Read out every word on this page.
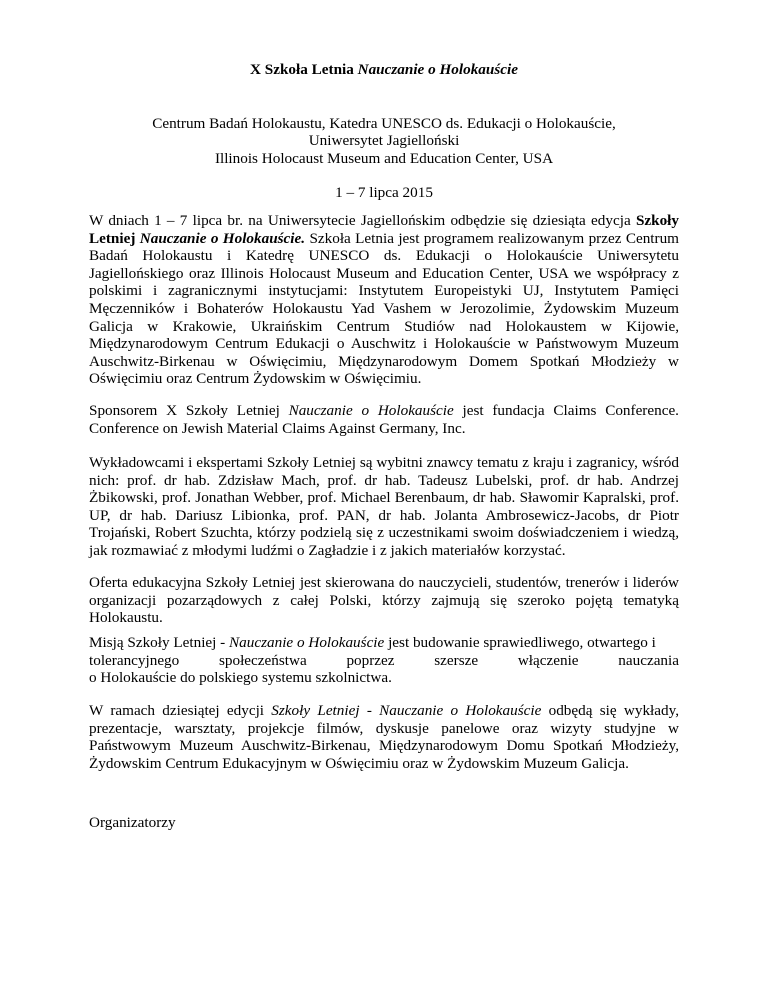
X Szkoła Letnia Nauczanie o Holokauście
Centrum Badań Holokaustu, Katedra UNESCO ds. Edukacji o Holokauście,
Uniwersytet Jagielloński
Illinois Holocaust Museum and Education Center, USA
1 – 7 lipca 2015
W dniach 1 – 7 lipca br. na Uniwersytecie Jagiellońskim odbędzie się dziesiąta edycja Szkoły Letniej Nauczanie o Holokauście. Szkoła Letnia jest programem realizowanym przez Centrum Badań Holokaustu i Katedrę UNESCO ds. Edukacji o Holokauście Uniwersytetu Jagiellońskiego oraz Illinois Holocaust Museum and Education Center, USA we współpracy z polskimi i zagranicznymi instytucjami: Instytutem Europeistyki UJ, Instytutem Pamięci Męczenników i Bohaterów Holokaustu Yad Vashem w Jerozolimie, Żydowskim Muzeum Galicja w Krakowie, Ukraińskim Centrum Studiów nad Holokaustem w Kijowie, Międzynarodowym Centrum Edukacji o Auschwitz i Holokauście w Państwowym Muzeum Auschwitz-Birkenau w Oświęcimiu, Międzynarodowym Domem Spotkań Młodzieży w Oświęcimiu oraz Centrum Żydowskim w Oświęcimiu.
Sponsorem X Szkoły Letniej Nauczanie o Holokauście jest fundacja Claims Conference. Conference on Jewish Material Claims Against Germany, Inc.
Wykładowcami i ekspertami Szkoły Letniej są wybitni znawcy tematu z kraju i zagranicy, wśród nich: prof. dr hab. Zdzisław Mach, prof. dr hab. Tadeusz Lubelski, prof. dr hab. Andrzej Żbikowski, prof. Jonathan Webber, prof. Michael Berenbaum, dr hab. Sławomir Kapralski, prof. UP, dr hab. Dariusz Libionka, prof. PAN, dr hab. Jolanta Ambrosewicz-Jacobs, dr Piotr Trojański, Robert Szuchta, którzy podzielą się z uczestnikami swoim doświadczeniem i wiedzą, jak rozmawiać z młodymi ludźmi o Zagładzie i z jakich materiałów korzystać.
Oferta edukacyjna Szkoły Letniej jest skierowana do nauczycieli, studentów, trenerów i liderów organizacji pozarządowych z całej Polski, którzy zajmują się szeroko pojętą tematyką Holokaustu.
Misją Szkoły Letniej - Nauczanie o Holokauście jest budowanie sprawiedliwego, otwartego i
tolerancyjnego społeczeństwa poprzez szersze włączenie nauczania
o Holokauście do polskiego systemu szkolnictwa.
W ramach dziesiątej edycji Szkoły Letniej - Nauczanie o Holokauście odbędą się wykłady, prezentacje, warsztaty, projekcje filmów, dyskusje panelowe oraz wizyty studyjne w Państwowym Muzeum Auschwitz-Birkenau, Międzynarodowym Domu Spotkań Młodzieży, Żydowskim Centrum Edukacyjnym w Oświęcimiu oraz w Żydowskim Muzeum Galicja.
Organizatorzy
